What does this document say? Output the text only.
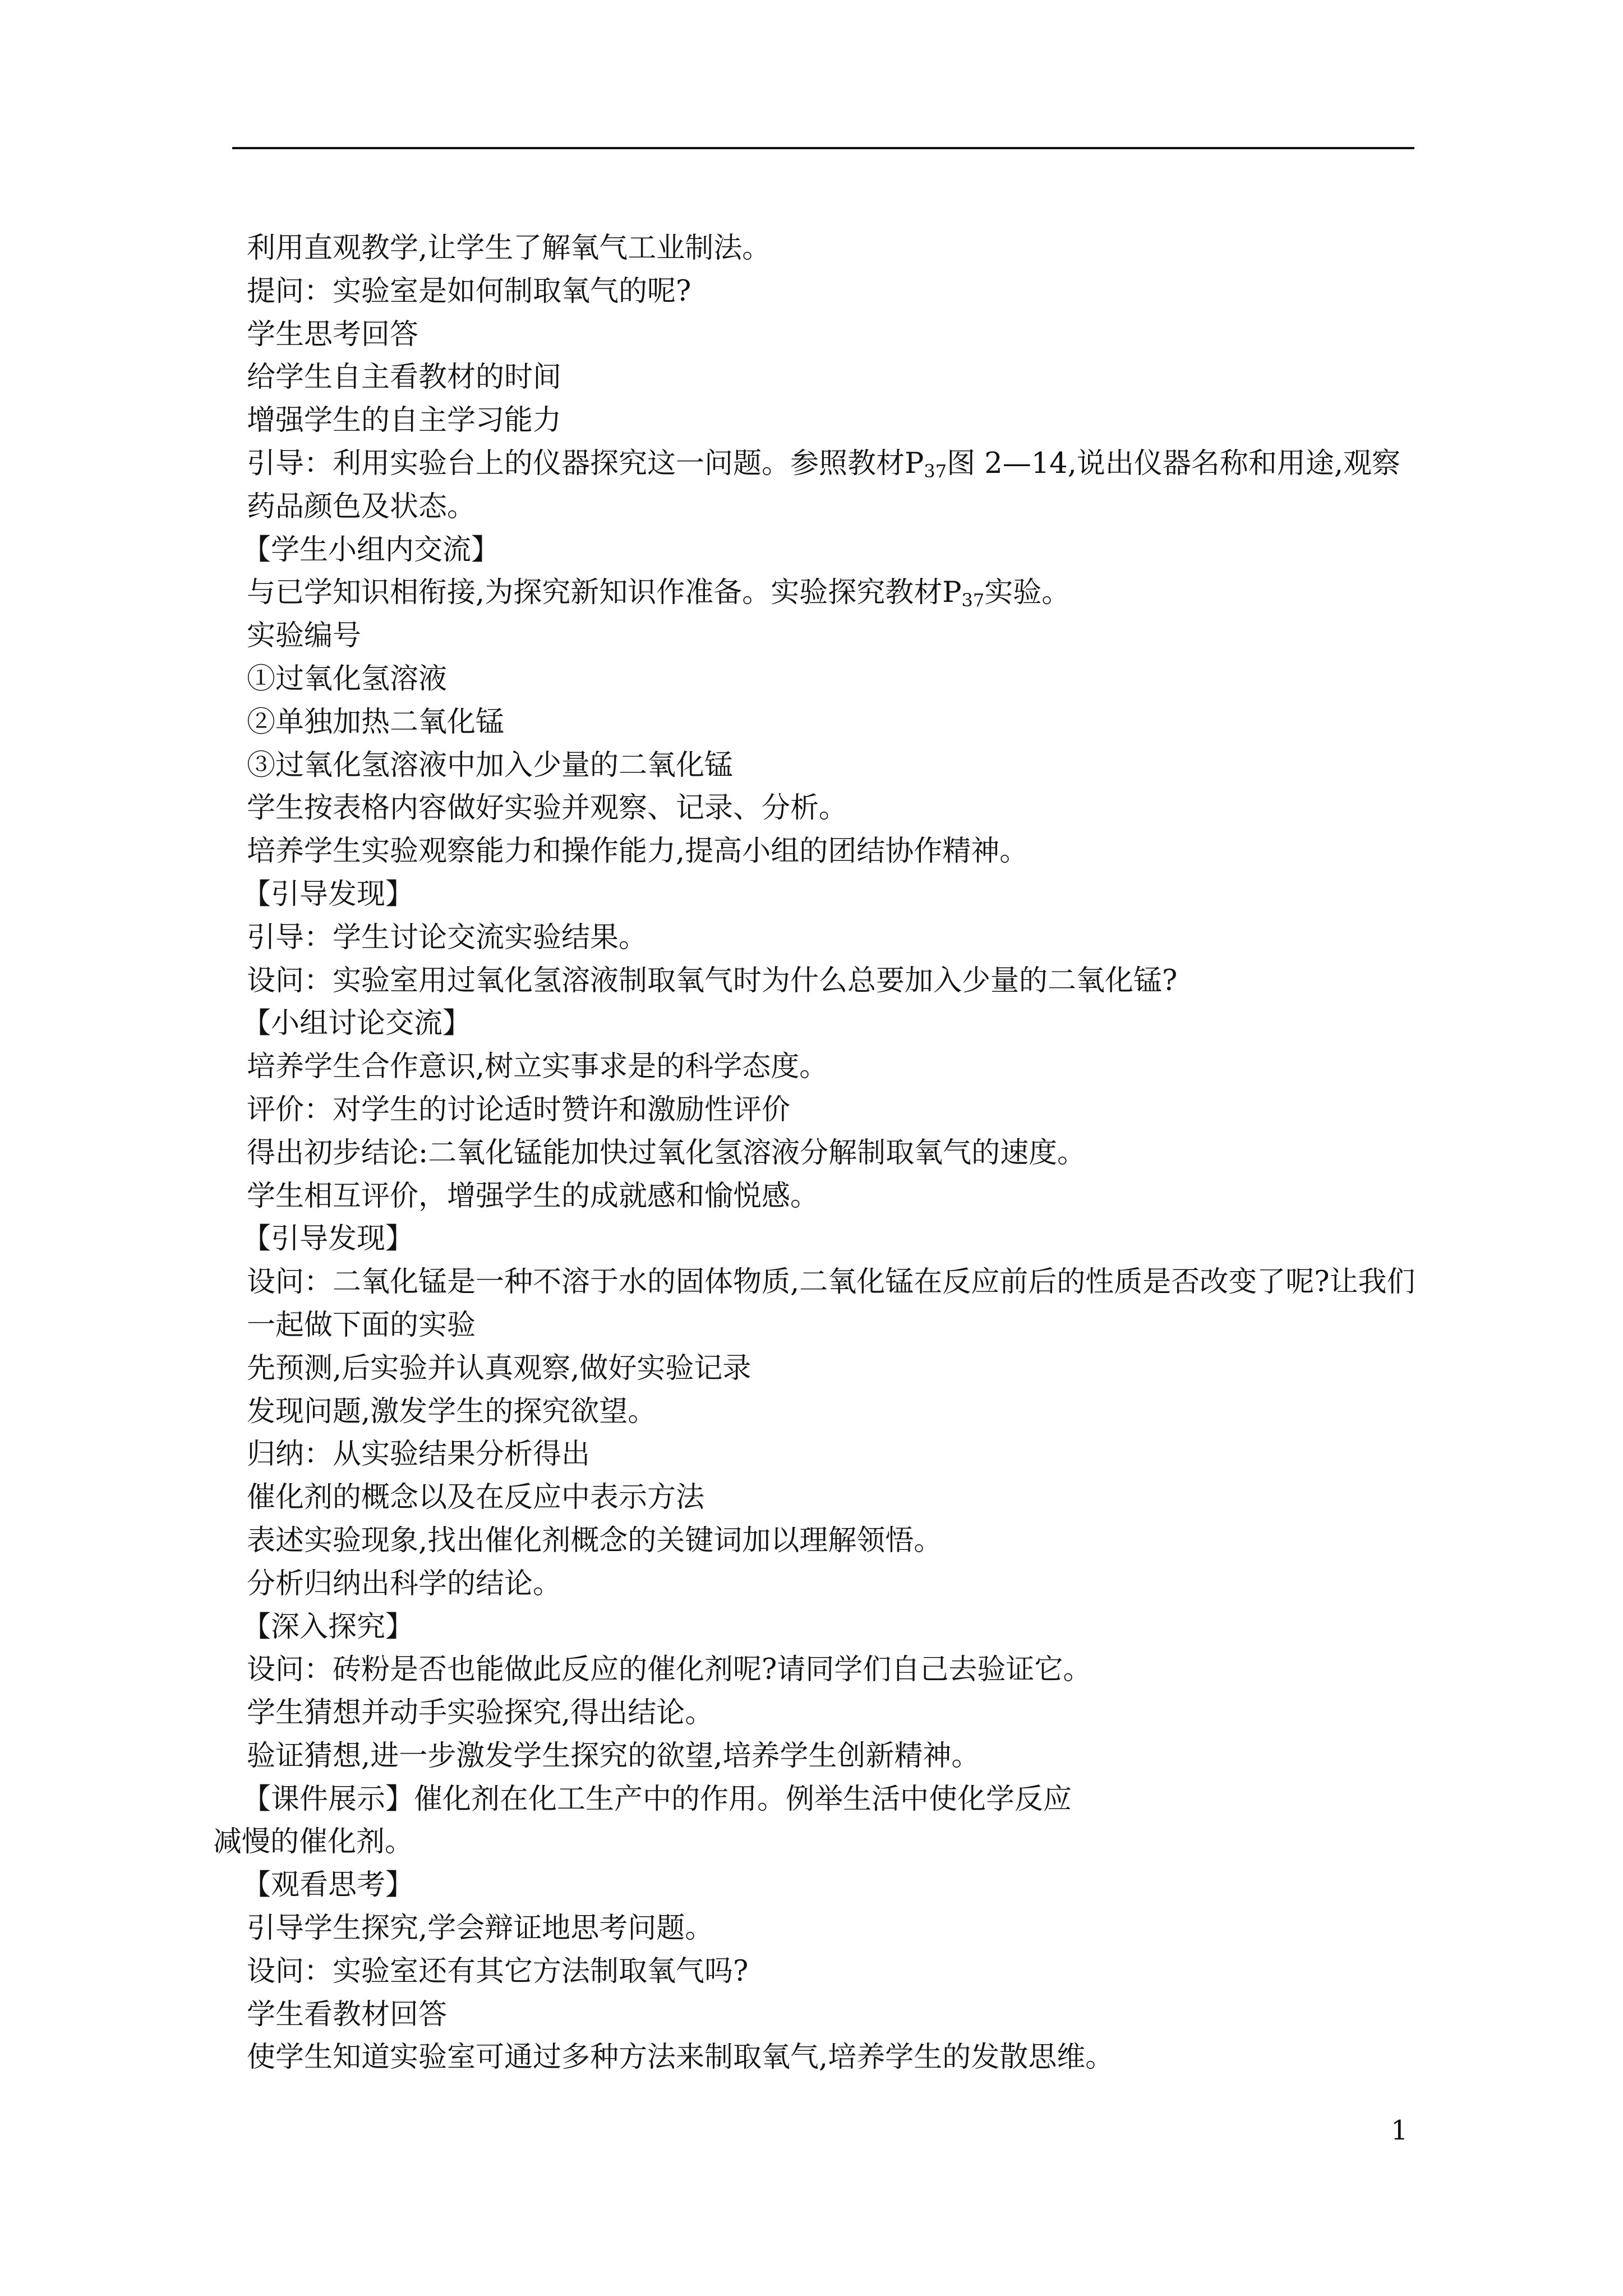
利用直观教学,让学生了解氧气工业制法。
提问：实验室是如何制取氧气的呢?
学生思考回答
给学生自主看教材的时间
增强学生的自主学习能力
引导：利用实验台上的仪器探究这一问题。参照教材$P_{37}$图 2—14,说出仪器名称和用途,观察药品颜色及状态。
【学生小组内交流】
与已学知识相衔接,为探究新知识作准备。实验探究教材$P_{37}$实验。
实验编号
①过氧化氢溶液
②单独加热二氧化锰
③过氧化氢溶液中加入少量的二氧化锰
学生按表格内容做好实验并观察、记录、分析。
培养学生实验观察能力和操作能力,提高小组的团结协作精神。
【引导发现】
引导：学生讨论交流实验结果。
设问：实验室用过氧化氢溶液制取氧气时为什么总要加入少量的二氧化锰?
【小组讨论交流】
培养学生合作意识,树立实事求是的科学态度。
评价：对学生的讨论适时赞许和激励性评价
得出初步结论:二氧化锰能加快过氧化氢溶液分解制取氧气的速度。
学生相互评价，增强学生的成就感和愉悦感。
【引导发现】
设问：二氧化锰是一种不溶于水的固体物质,二氧化锰在反应前后的性质是否改变了呢?让我们一起做下面的实验
先预测,后实验并认真观察,做好实验记录
发现问题,激发学生的探究欲望。
归纳：从实验结果分析得出
催化剂的概念以及在反应中表示方法
表述实验现象,找出催化剂概念的关键词加以理解领悟。
分析归纳出科学的结论。
【深入探究】
设问：砖粉是否也能做此反应的催化剂呢?请同学们自己去验证它。
学生猜想并动手实验探究,得出结论。
验证猜想,进一步激发学生探究的欲望,培养学生创新精神。
【课件展示】催化剂在化工生产中的作用。例举生活中使化学反应
减慢的催化剂。
【观看思考】
引导学生探究,学会辩证地思考问题。
设问：实验室还有其它方法制取氧气吗?
学生看教材回答
使学生知道实验室可通过多种方法来制取氧气,培养学生的发散思维。
1
